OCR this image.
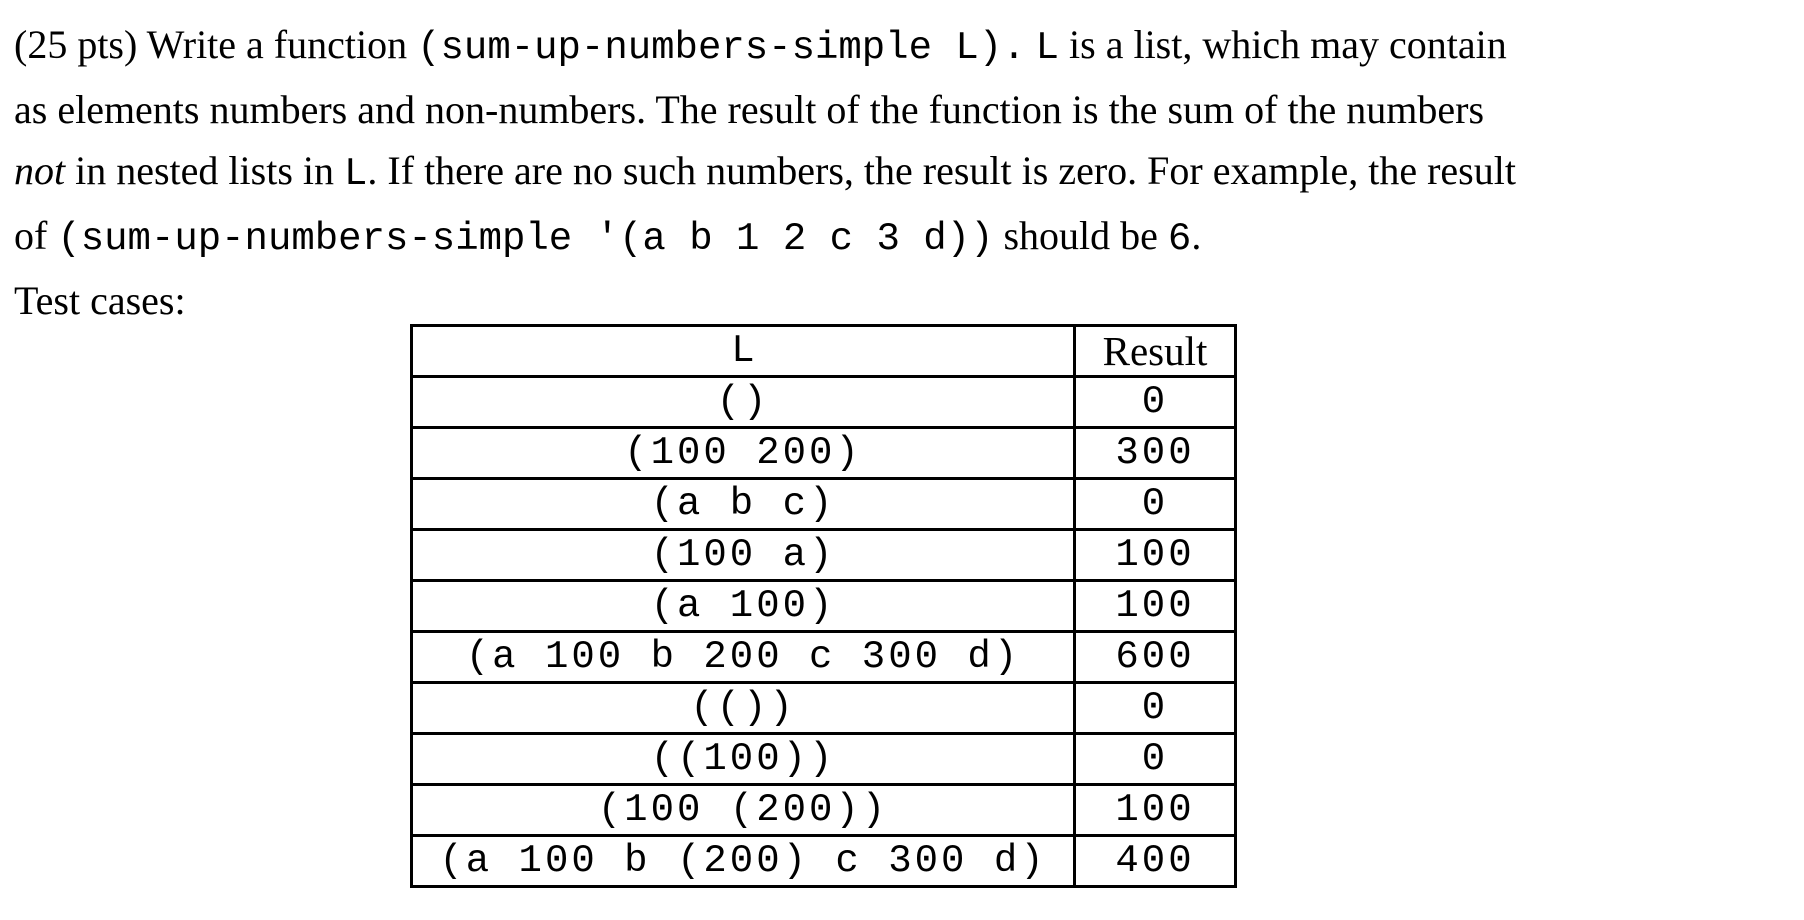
(25 pts) Write a function (sum-up-numbers-simple L). L is a list, which may contain
as elements numbers and non-numbers. The result of the function is the sum of the numbers
not in nested lists in L. If there are no such numbers, the result is zero. For example, the result
of (sum-up-numbers-simple '(a b 1 2 c 3 d)) should be 6.
Test cases:
L	Result
()	0
(100 200)	300
(a b c)	0
(100 a)	100
(a 100)	100
(a 100 b 200 c 300 d)	600
(())	0
((100))	0
(100 (200))	100
(a 100 b (200) c 300 d)	400
